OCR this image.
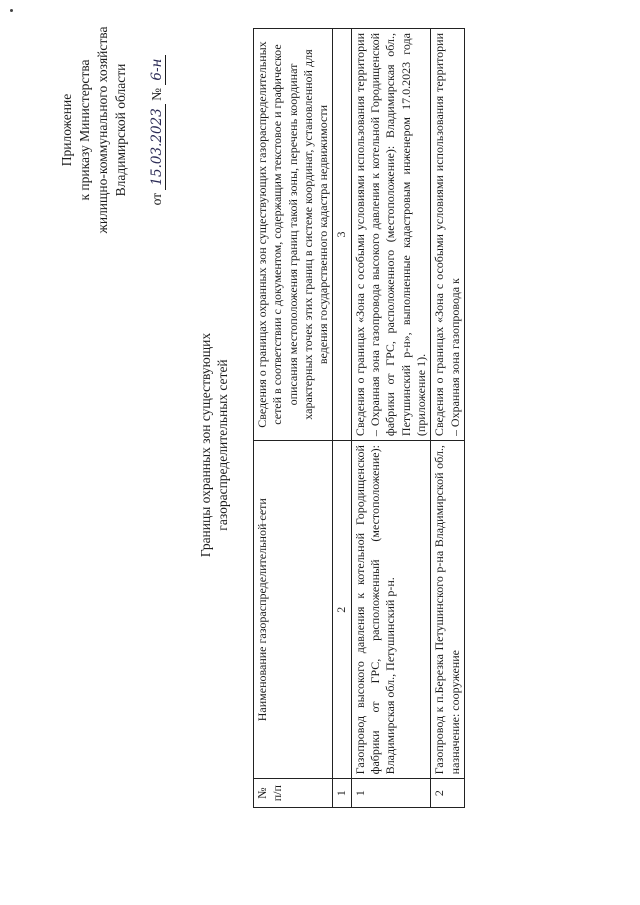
Приложение к приказу Министерства жилищно-коммунального хозяйства Владимирской области
от 15.03.2023 № 6-н
Границы охранных зон существующих газораспределительных сетей
№ п/п	Наименование газораспределительной сети	Сведения о границах охранных зон существующих газораспределительных сетей в соответствии с документом, содержащим текстовое и графическое описания местоположения границ такой зоны, перечень координат характерных точек этих границ в системе координат, установленной для ведения государственного кадастра недвижимости
1	2	3
1	Газопровод высокого давления к котельной Городищенской фабрики от ГРС, расположенный (местоположение): Владимирская обл., Петушинский р-н.	Сведения о границах «Зона с особыми условиями использования территории – Охранная зона газопровода высокого давления к котельной Городищенской фабрики от ГРС, расположенного (местоположение): Владимирская обл., Петушинский р-н», выполненные кадастровым инженером 17.0.2023 года (приложение 1).

2	Газопровод к п.Березка Петушинского р-на Владимирской обл., назначение: сооружение	Сведения о границах «Зона с особыми условиями использования территории – Охранная зона газопровода к
